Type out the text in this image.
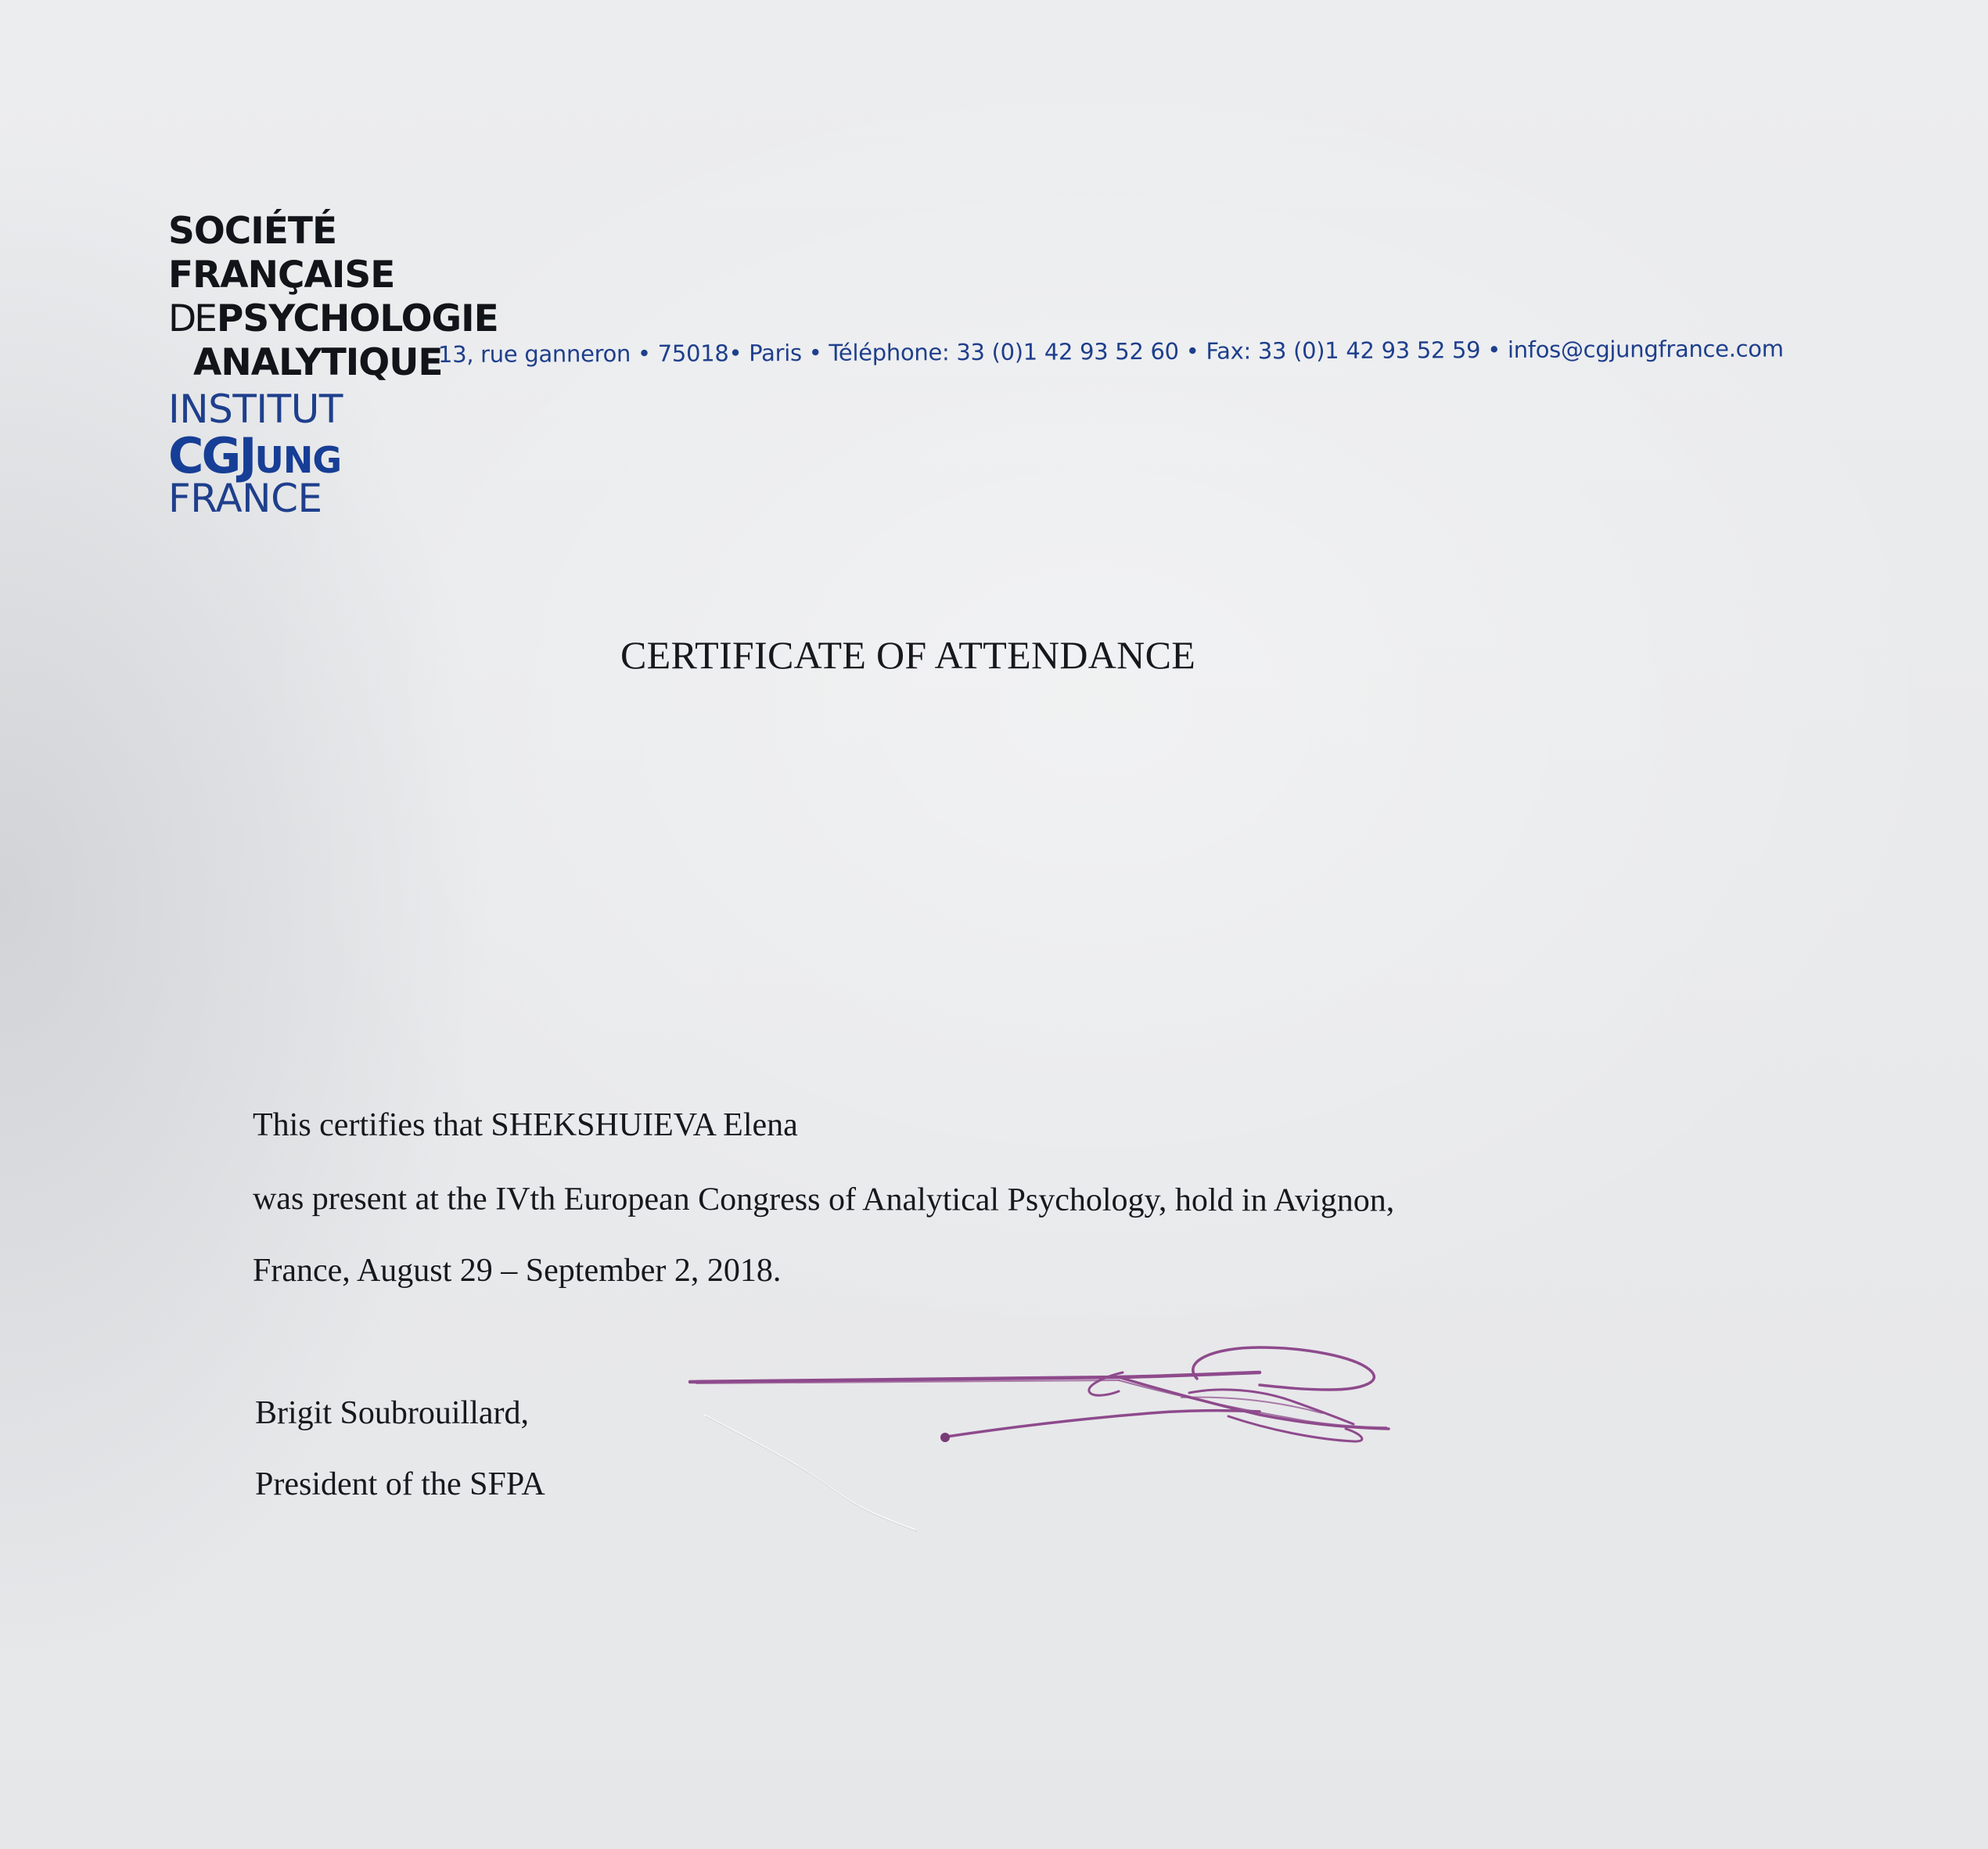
SOCIÉTÉ
FRANÇAISE
DEPSYCHOLOGIE
ANALYTIQUE
INSTITUT
CGJUNG
FRANCE
13, rue ganneron • 75018• Paris • Téléphone: 33 (0)1 42 93 52 60 • Fax: 33 (0)1 42 93 52 59 • infos@cgjungfrance.com
CERTIFICATE OF ATTENDANCE
This certifies that SHEKSHUIEVA Elena
was present at the IVth European Congress of Analytical Psychology, hold in Avignon,
France, August 29 – September 2, 2018.
Brigit Soubrouillard,
President of the SFPA
